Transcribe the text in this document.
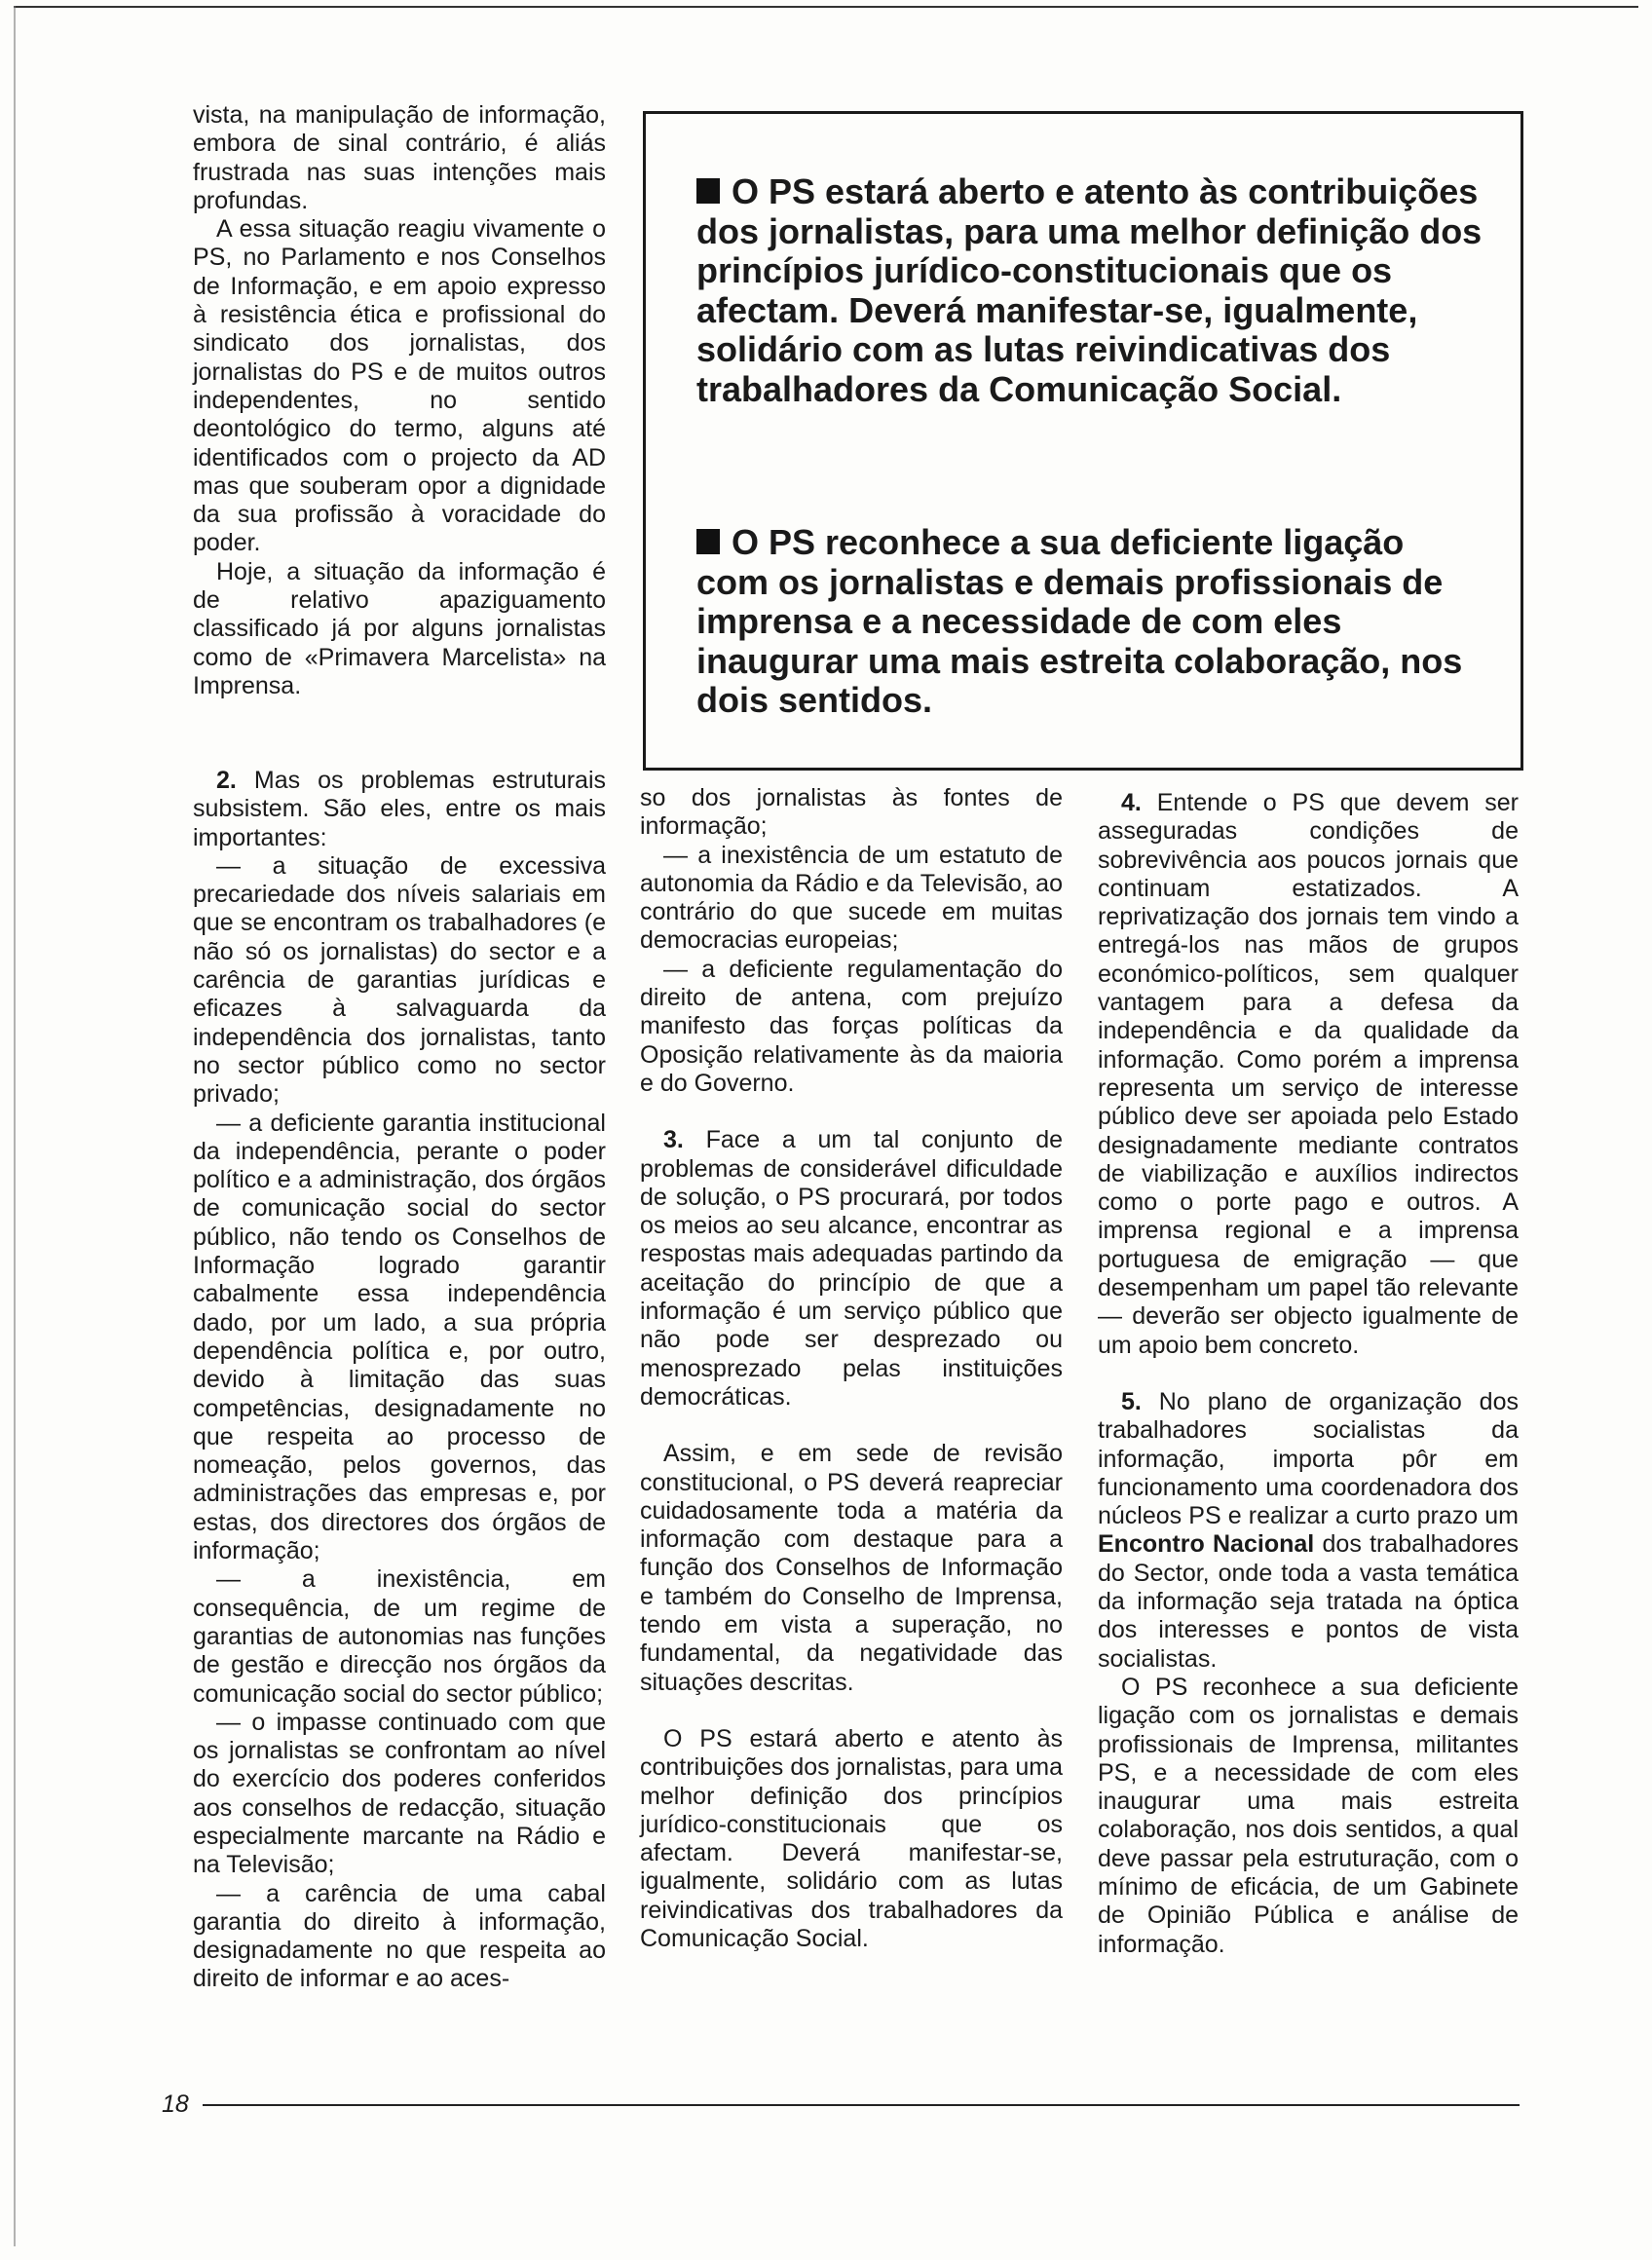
vista, na manipulação de informação, embora de sinal contrário, é aliás frustrada nas suas intenções mais profundas.

A essa situação reagiu vivamente o PS, no Parlamento e nos Conselhos de Informação, e em apoio expresso à resistência ética e profissional do sindicato dos jornalistas, dos jornalistas do PS e de muitos outros independentes, no sentido deontológico do termo, alguns até identificados com o projecto da AD mas que souberam opor a dignidade da sua profissão à voracidade do poder.

Hoje, a situação da informação é de relativo apaziguamento classificado já por alguns jornalistas como de «Primavera Marcelista» na Imprensa.

2. Mas os problemas estruturais subsistem. São eles, entre os mais importantes:

— a situação de excessiva precariedade dos níveis salariais em que se encontram os trabalhadores (e não só os jornalistas) do sector e a carência de garantias jurídicas e eficazes à salvaguarda da independência dos jornalistas, tanto no sector público como no sector privado;

— a deficiente garantia institucional da independência, perante o poder político e a administração, dos órgãos de comunicação social do sector público, não tendo os Conselhos de Informação logrado garantir cabalmente essa independência dado, por um lado, a sua própria dependência política e, por outro, devido à limitação das suas competências, designadamente no que respeita ao processo de nomeação, pelos governos, das administrações das empresas e, por estas, dos directores dos órgãos de informação;

— a inexistência, em consequência, de um regime de garantias de autonomias nas funções de gestão e direcção nos órgãos da comunicação social do sector público;

— o impasse continuado com que os jornalistas se confrontam ao nível do exercício dos poderes conferidos aos conselhos de redacção, situação especialmente marcante na Rádio e na Televisão;

— a carência de uma cabal garantia do direito à informação, designadamente no que respeita ao direito de informar e ao aces-

O PS estará aberto e atento às contribuições dos jornalistas, para uma melhor definição dos princípios jurídico-constitucionais que os afectam. Deverá manifestar-se, igualmente, solidário com as lutas reivindicativas dos trabalhadores da Comunicação Social.

O PS reconhece a sua deficiente ligação com os jornalistas e demais profissionais de imprensa e a necessidade de com eles inaugurar uma mais estreita colaboração, nos dois sentidos.

so dos jornalistas às fontes de informação;

— a inexistência de um estatuto de autonomia da Rádio e da Televisão, ao contrário do que sucede em muitas democracias europeias;

— a deficiente regulamentação do direito de antena, com prejuízo manifesto das forças políticas da Oposição relativamente às da maioria e do Governo.

3. Face a um tal conjunto de problemas de considerável dificuldade de solução, o PS procurará, por todos os meios ao seu alcance, encontrar as respostas mais adequadas partindo da aceitação do princípio de que a informação é um serviço público que não pode ser desprezado ou menosprezado pelas instituições democráticas.

Assim, e em sede de revisão constitucional, o PS deverá reapreciar cuidadosamente toda a matéria da informação com destaque para a função dos Conselhos de Informação e também do Conselho de Imprensa, tendo em vista a superação, no fundamental, da negatividade das situações descritas.

O PS estará aberto e atento às contribuições dos jornalistas, para uma melhor definição dos princípios jurídico-constitucionais que os afectam. Deverá manifestar-se, igualmente, solidário com as lutas reivindicativas dos trabalhadores da Comunicação Social.

4. Entende o PS que devem ser asseguradas condições de sobrevivência aos poucos jornais que continuam estatizados. A reprivatização dos jornais tem vindo a entregá-los nas mãos de grupos económico-políticos, sem qualquer vantagem para a defesa da independência e da qualidade da informação. Como porém a imprensa representa um serviço de interesse público deve ser apoiada pelo Estado designadamente mediante contratos de viabilização e auxílios indirectos como o porte pago e outros. A imprensa regional e a imprensa portuguesa de emigração — que desempenham um papel tão relevante — deverão ser objecto igualmente de um apoio bem concreto.

5. No plano de organização dos trabalhadores socialistas da informação, importa pôr em funcionamento uma coordenadora dos núcleos PS e realizar a curto prazo um Encontro Nacional dos trabalhadores do Sector, onde toda a vasta temática da informação seja tratada na óptica dos interesses e pontos de vista socialistas.

O PS reconhece a sua deficiente ligação com os jornalistas e demais profissionais de Imprensa, militantes PS, e a necessidade de com eles inaugurar uma mais estreita colaboração, nos dois sentidos, a qual deve passar pela estruturação, com o mínimo de eficácia, de um Gabinete de Opinião Pública e análise de informação.

18
